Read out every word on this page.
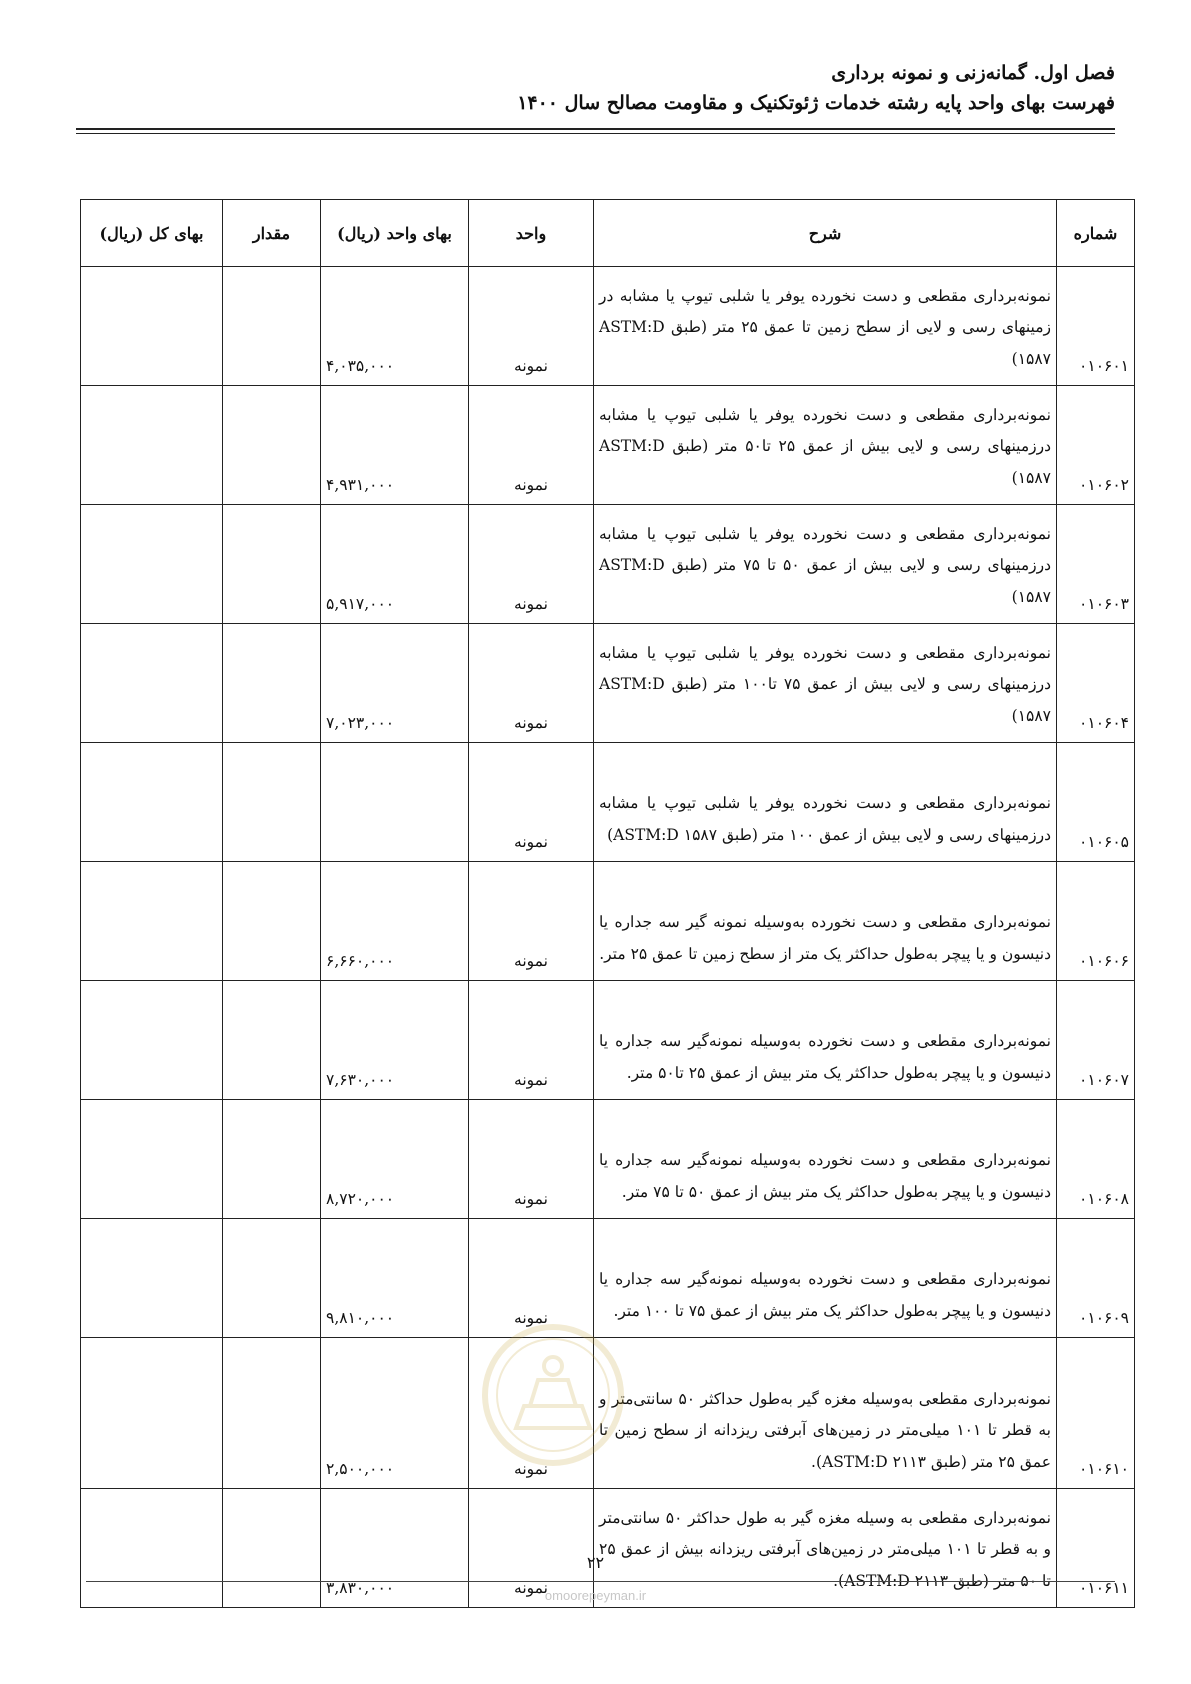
فصل اول. گمانه‌زنی و نمونه برداری
فهرست بهای واحد پایه رشته خدمات ژئوتکنیک و مقاومت مصالح سال ۱۴۰۰
شماره	شرح	واحد	بهای واحد (ریال)	مقدار	بهای کل (ریال)
۰۱۰۶۰۱	نمونه‌برداری مقطعی و دست نخورده یوفر یا شلبی تیوپ یا مشابه در زمینهای رسی و لایی از سطح زمین تا عمق ۲۵ متر (طبق ASTM:D ۱۵۸۷)	نمونه	۴,۰۳۵,۰۰۰		
۰۱۰۶۰۲	نمونه‌برداری مقطعی و دست نخورده یوفر یا شلبی تیوپ یا مشابه درزمینهای رسی و لایی بیش از عمق ۲۵ تا۵۰ متر (طبق ASTM:D ۱۵۸۷)	نمونه	۴,۹۳۱,۰۰۰		
۰۱۰۶۰۳	نمونه‌برداری مقطعی و دست نخورده یوفر یا شلبی تیوپ یا مشابه درزمینهای رسی و لایی بیش از عمق ۵۰ تا ۷۵ متر (طبق ASTM:D ۱۵۸۷)	نمونه	۵,۹۱۷,۰۰۰		
۰۱۰۶۰۴	نمونه‌برداری مقطعی و دست نخورده یوفر یا شلبی تیوپ یا مشابه درزمینهای رسی و لایی بیش از عمق ۷۵ تا۱۰۰ متر (طبق ASTM:D ۱۵۸۷)	نمونه	۷,۰۲۳,۰۰۰		
۰۱۰۶۰۵	نمونه‌برداری مقطعی و دست نخورده یوفر یا شلبی تیوپ یا مشابه درزمینهای رسی و لایی بیش از عمق ۱۰۰ متر (طبق ASTM:D ۱۵۸۷)	نمونه			
۰۱۰۶۰۶	نمونه‌برداری مقطعی و دست نخورده به‌وسیله نمونه گیر سه جداره یا دنیسون و یا پیچر به‌طول حداکثر یک متر از سطح زمین تا عمق ۲۵ متر.	نمونه	۶,۶۶۰,۰۰۰		
۰۱۰۶۰۷	نمونه‌برداری مقطعی و دست نخورده به‌وسیله نمونه‌گیر سه جداره یا دنیسون و یا پیچر به‌طول حداکثر یک متر بیش از عمق ۲۵ تا۵۰ متر.	نمونه	۷,۶۳۰,۰۰۰		
۰۱۰۶۰۸	نمونه‌برداری مقطعی و دست نخورده به‌وسیله نمونه‌گیر سه جداره یا دنیسون و یا پیچر به‌طول حداکثر یک متر بیش از عمق ۵۰ تا ۷۵ متر.	نمونه	۸,۷۲۰,۰۰۰		
۰۱۰۶۰۹	نمونه‌برداری مقطعی و دست نخورده به‌وسیله نمونه‌گیر سه جداره یا دنیسون و یا پیچر به‌طول حداکثر یک متر بیش از عمق ۷۵ تا ۱۰۰ متر.	نمونه	۹,۸۱۰,۰۰۰		
۰۱۰۶۱۰	نمونه‌برداری مقطعی به‌وسیله مغزه گیر به‌طول حداکثر ۵۰ سانتی‌متر و به قطر تا ۱۰۱ میلی‌متر در زمین‌های آبرفتی ریزدانه از سطح زمین تا عمق ۲۵ متر (طبق ۲۱۱۳ ASTM:D).	نمونه	۲,۵۰۰,۰۰۰		
۰۱۰۶۱۱	نمونه‌برداری مقطعی به وسیله مغزه گیر به طول حداکثر ۵۰ سانتی‌متر و به قطر تا ۱۰۱ میلی‌متر در زمین‌های آبرفتی ریزدانه بیش از عمق ۲۵ تا ۵۰ متر (طبق ASTM:D ۲۱۱۳).	نمونه	۳,۸۳۰,۰۰۰		
۲۲
omoorepeyman.ir
